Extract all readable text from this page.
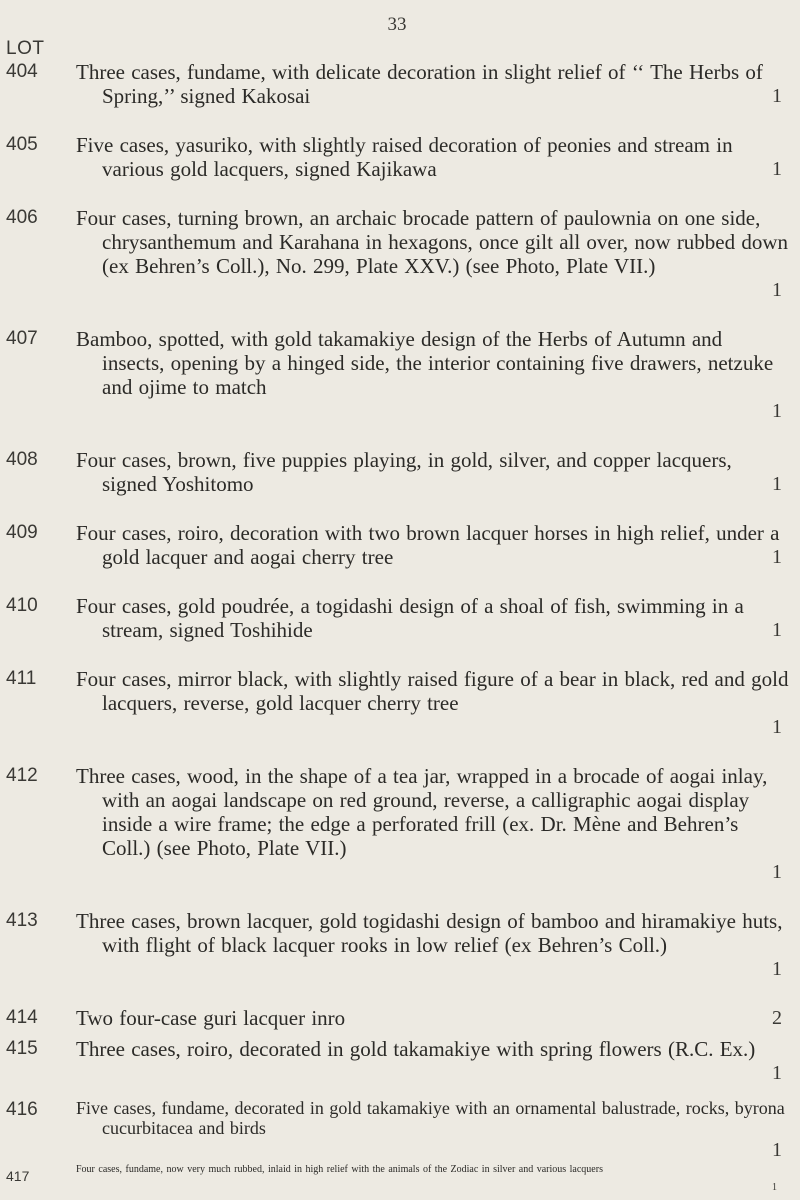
33
LOT
404 Three cases, fundame, with delicate decoration in slight relief of ‘‘ The Herbs of Spring,’’ signed Kakosai	1
405 Five cases, yasuriko, with slightly raised decoration of peonies and stream in various gold lacquers, signed Kajikawa	1
406 Four cases, turning brown, an archaic brocade pattern of paulownia on one side, chrysanthemum and Karahana in hexagons, once gilt all over, now rubbed down (ex Behren’s Coll.), No. 299, Plate XXV.) (see Photo, Plate VII.)
1
407 Bamboo, spotted, with gold takamakiye design of the Herbs of Autumn and insects, opening by a hinged side, the interior containing five drawers, netzuke and ojime to match
1
408 Four cases, brown, five puppies playing, in gold, silver, and copper lacquers, signed Yoshitomo	1
409 Four cases, roiro, decoration with two brown lacquer horses in high relief, under a gold lacquer and aogai cherry tree	1
410 Four cases, gold poudrée, a togidashi design of a shoal of fish, swimming in a stream, signed Toshihide	1
411 Four cases, mirror black, with slightly raised figure of a bear in black, red and gold lacquers, reverse, gold lacquer cherry tree
1
412 Three cases, wood, in the shape of a tea jar, wrapped in a brocade of aogai inlay, with an aogai landscape on red ground, reverse, a calligraphic aogai display inside a wire frame; the edge a perforated frill (ex. Dr. Mène and Behren’s Coll.) (see Photo, Plate VII.)
1
413 Three cases, brown lacquer, gold togidashi design of bamboo and hiramakiye huts, with flight of black lacquer rooks in low relief (ex Behren’s Coll.)
1
414 Two four-case guri lacquer inro	2
415 Three cases, roiro, decorated in gold takamakiye with spring flowers (R.C. Ex.)
1
416 Five cases, fundame, decorated in gold takamakiye with an ornamental balustrade, rocks, byrona cucurbitacea and birds
1
417	Four cases, fundame, now very much rubbed, inlaid in high relief with the animals of the Zodiac in silver and various lacquers
1
